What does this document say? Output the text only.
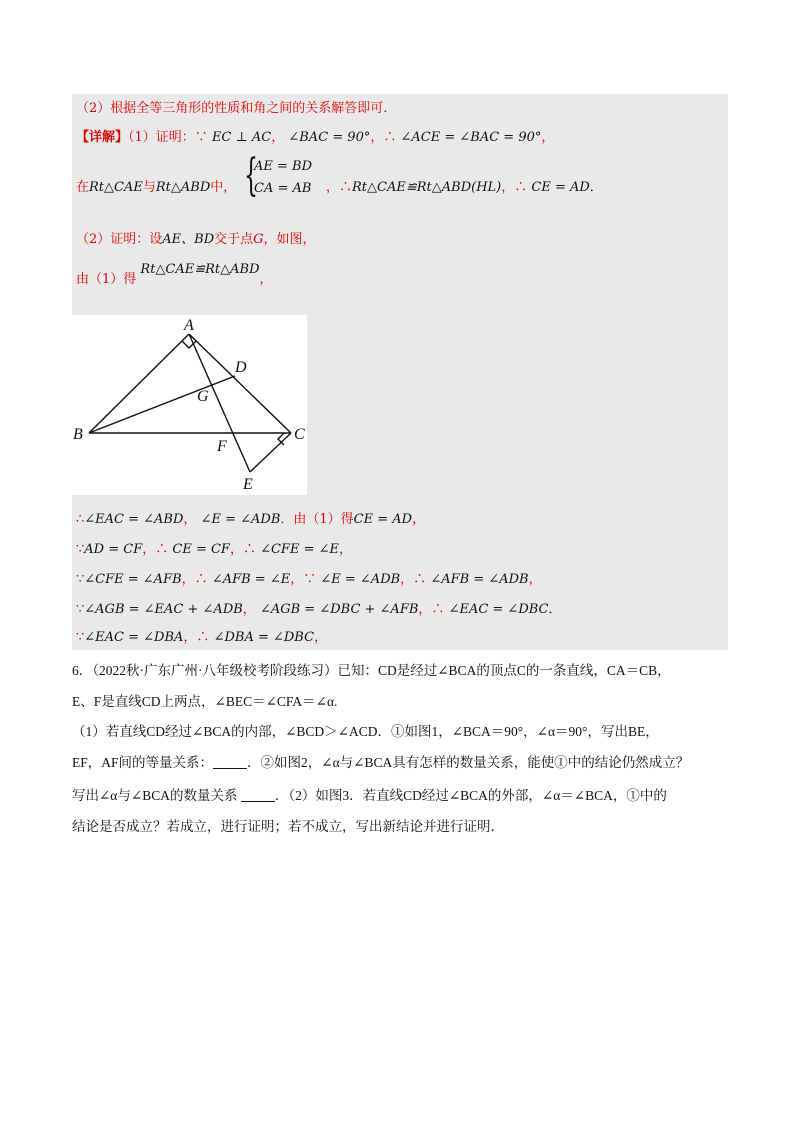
（2）根据全等三角形的性质和角之间的关系解答即可．
【详解】（1）证明：∵ EC ⊥ AC， ∠BAC = 90°，∴ ∠ACE = ∠BAC = 90°，
在Rt△CAE与Rt△ABD中， {
AE = BD
CA = AB ，∴Rt△CAE≌Rt△ABD(HL)，∴ CE = AD．
（2）证明：设AE、BD交于点G，如图，
由（1）得 Rt△CAE≌Rt△ABD，
A
B	C
D
E
F
G
∴∠EAC = ∠ABD， ∠E = ∠ADB．由（1）得CE = AD，
∵AD = CF，∴ CE = CF，∴ ∠CFE = ∠E，
∵∠CFE = ∠AFB，∴ ∠AFB = ∠E，∵ ∠E = ∠ADB，∴ ∠AFB = ∠ADB，
∵∠AGB = ∠EAC + ∠ADB， ∠AGB = ∠DBC + ∠AFB，∴ ∠EAC = ∠DBC．
∵∠EAC = ∠DBA，∴ ∠DBA = ∠DBC，
6．（2022秋·广东广州·八年级校考阶段练习）已知：CD是经过∠BCA的顶点C的一条直线，CA＝CB，
E、F是直线CD上两点，∠BEC＝∠CFA＝∠α.
（1）若直线CD经过∠BCA的内部，∠BCD＞∠ACD．①如图1，∠BCA＝90°，∠α＝90°，写出BE，
EF，AF间的等量关系：	．②如图2，∠α与∠BCA具有怎样的数量关系，能使①中的结论仍然成立？
写出∠α与∠BCA的数量关系	．（2）如图3．若直线CD经过∠BCA的外部，∠α＝∠BCA，①中的
结论是否成立？若成立，进行证明；若不成立，写出新结论并进行证明．
